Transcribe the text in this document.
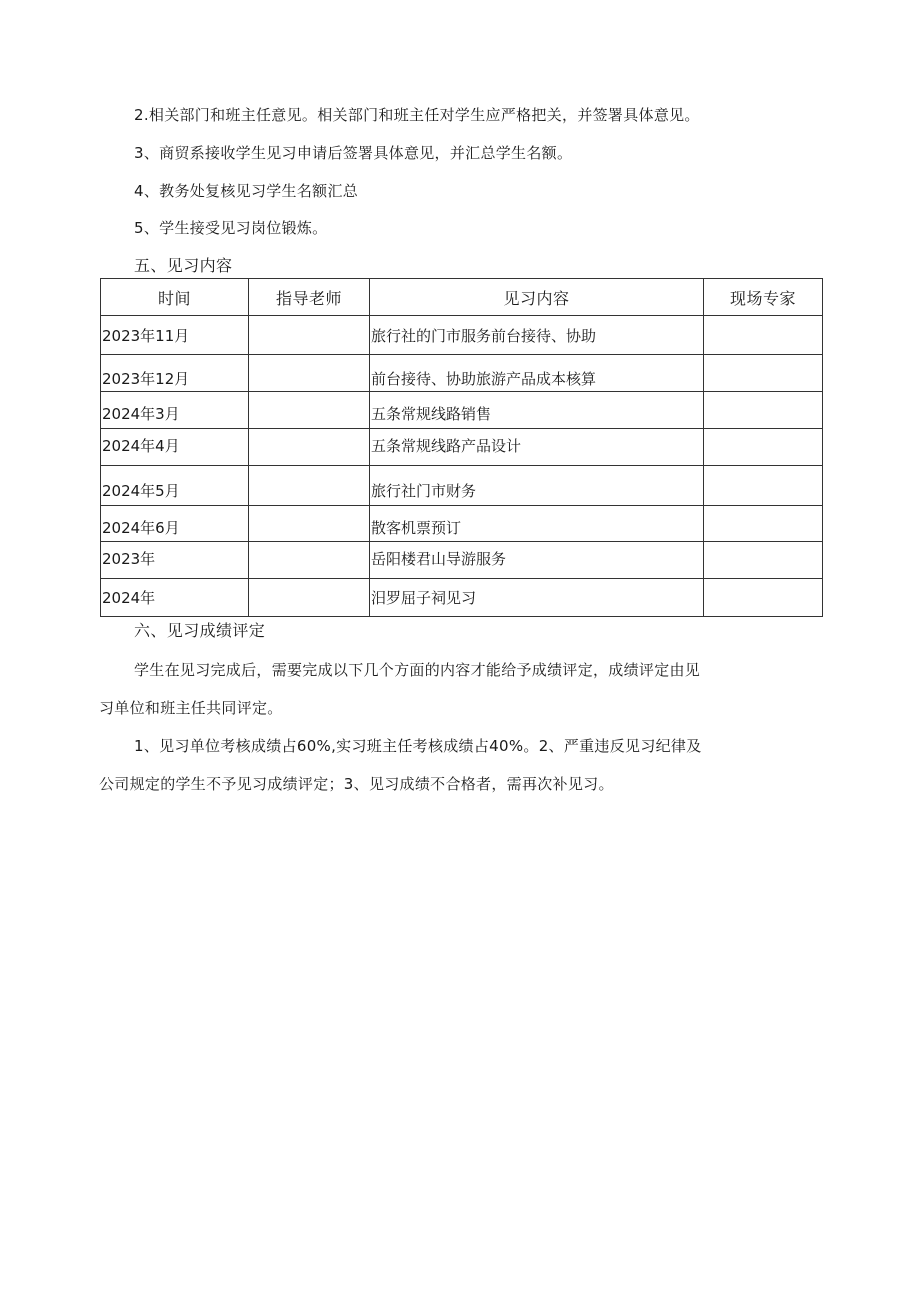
2.相关部门和班主任意见。相关部门和班主任对学生应严格把关，并签署具体意见。
3、商贸系接收学生见习申请后签署具体意见，并汇总学生名额。
4、教务处复核见习学生名额汇总
5、学生接受见习岗位锻炼。
五、见习内容
时间	指导老师	见习内容	现场专家
2023年11月		旅行社的门市服务前台接待、协助	
2023年12月		前台接待、协助旅游产品成本核算	
2024年3月		五条常规线路销售	
2024年4月		五条常规线路产品设计	
2024年5月		旅行社门市财务	
2024年6月		散客机票预订	
2023年		岳阳楼君山导游服务	
2024年		汨罗屈子祠见习	
六、见习成绩评定
学生在见习完成后，需要完成以下几个方面的内容才能给予成绩评定，成绩评定由见
习单位和班主任共同评定。
1、见习单位考核成绩占60%,实习班主任考核成绩占40%。2、严重违反见习纪律及
公司规定的学生不予见习成绩评定；3、见习成绩不合格者，需再次补见习。
